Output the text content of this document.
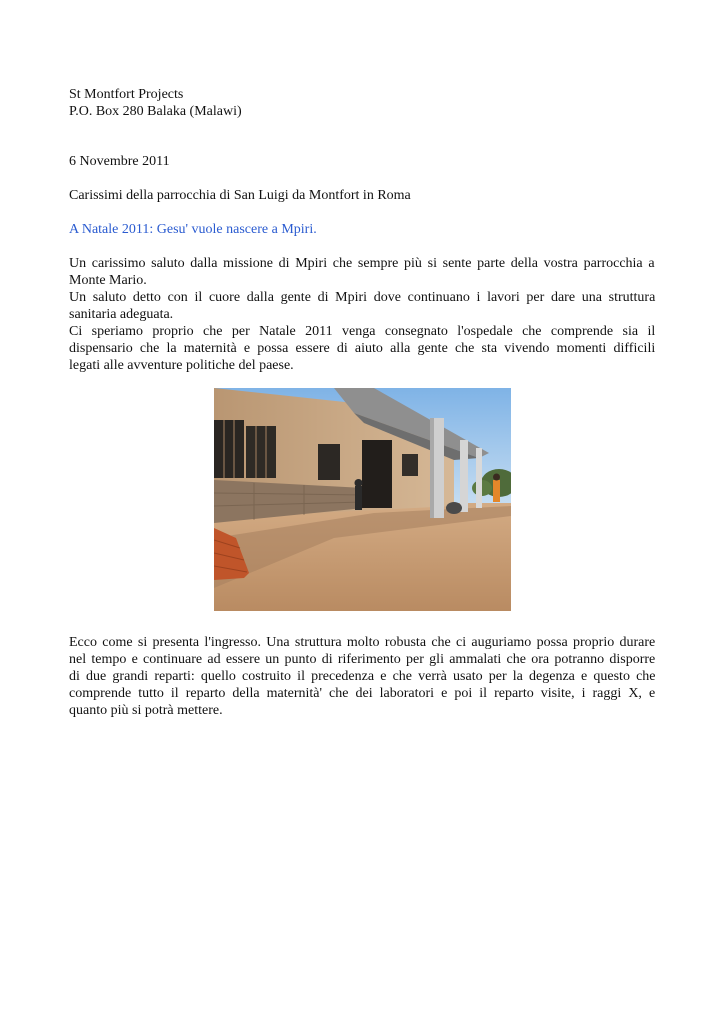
St Montfort Projects
P.O. Box 280 Balaka (Malawi)
6 Novembre 2011
Carissimi della parrocchia di San Luigi da Montfort in Roma
A Natale 2011: Gesu' vuole nascere a Mpiri.
Un carissimo saluto dalla missione di Mpiri che sempre più si sente parte della vostra parrocchia a
Monte Mario.
Un saluto detto con il cuore dalla gente di Mpiri dove continuano i lavori per dare una struttura
sanitaria adeguata.
Ci speriamo proprio che per Natale 2011 venga consegnato l'ospedale che comprende sia il
dispensario che la maternità e possa essere di aiuto alla gente che sta vivendo momenti difficili
legati alle avventure politiche del paese.
Ecco come si presenta l'ingresso. Una struttura molto robusta che ci auguriamo possa proprio durare
nel tempo e continuare ad essere un punto di riferimento per gli ammalati che ora potranno disporre
di due grandi reparti: quello costruito il precedenza e che verrà usato per la degenza e questo che
comprende tutto il reparto della maternità' che dei laboratori e poi il reparto visite, i raggi X, e
quanto più si potrà mettere.
